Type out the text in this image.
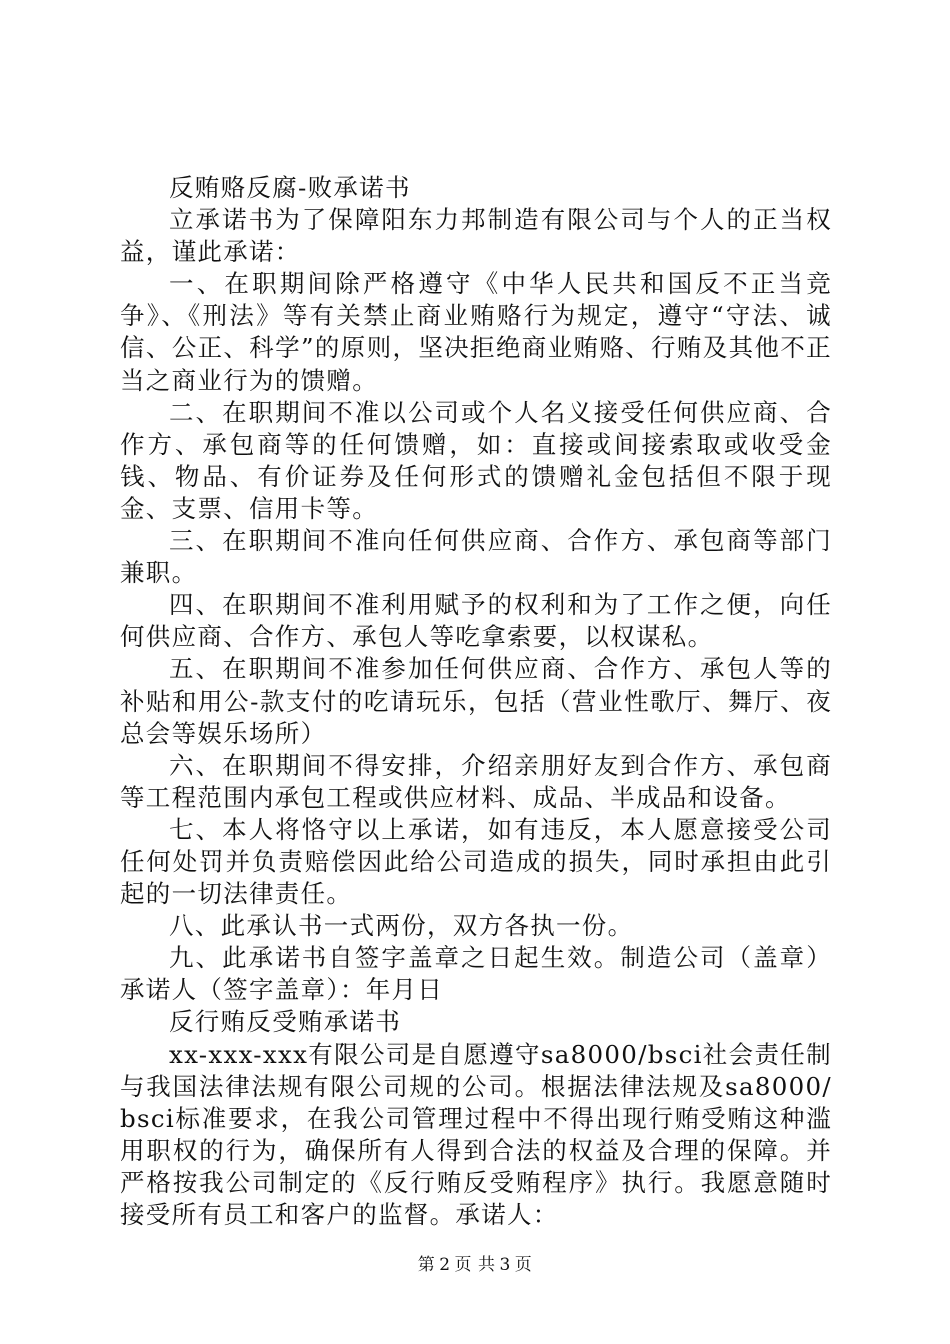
反贿赂反腐-败承诺书

立承诺书为了保障阳东力邦制造有限公司与个人的正当权益，谨此承诺：

一、在职期间除严格遵守《中华人民共和国反不正当竞争》、《刑法》等有关禁止商业贿赂行为规定，遵守“守法、诚信、公正、科学”的原则，坚决拒绝商业贿赂、行贿及其他不正当之商业行为的馈赠。

二、在职期间不准以公司或个人名义接受任何供应商、合作方、承包商等的任何馈赠，如：直接或间接索取或收受金钱、物品、有价证券及任何形式的馈赠礼金包括但不限于现金、支票、信用卡等。

三、在职期间不准向任何供应商、合作方、承包商等部门兼职。

四、在职期间不准利用赋予的权利和为了工作之便，向任何供应商、合作方、承包人等吃拿索要，以权谋私。

五、在职期间不准参加任何供应商、合作方、承包人等的补贴和用公-款支付的吃请玩乐，包括（营业性歌厅、舞厅、夜总会等娱乐场所）

六、在职期间不得安排，介绍亲朋好友到合作方、承包商等工程范围内承包工程或供应材料、成品、半成品和设备。

七、本人将恪守以上承诺，如有违反，本人愿意接受公司任何处罚并负责赔偿因此给公司造成的损失，同时承担由此引起的一切法律责任。

八、此承认书一式两份，双方各执一份。

九、此承诺书自签字盖章之日起生效。制造公司（盖章）承诺人（签字盖章）：年月日

反行贿反受贿承诺书

xx-xxx-xxx有限公司是自愿遵守sa8000/bsci社会责任制与我国法律法规有限公司规的公司。根据法律法规及sa8000/bsci标准要求，在我公司管理过程中不得出现行贿受贿这种滥用职权的行为，确保所有人得到合法的权益及合理的保障。并严格按我公司制定的《反行贿反受贿程序》执行。我愿意随时接受所有员工和客户的监督。承诺人：

第 2 页 共 3 页
